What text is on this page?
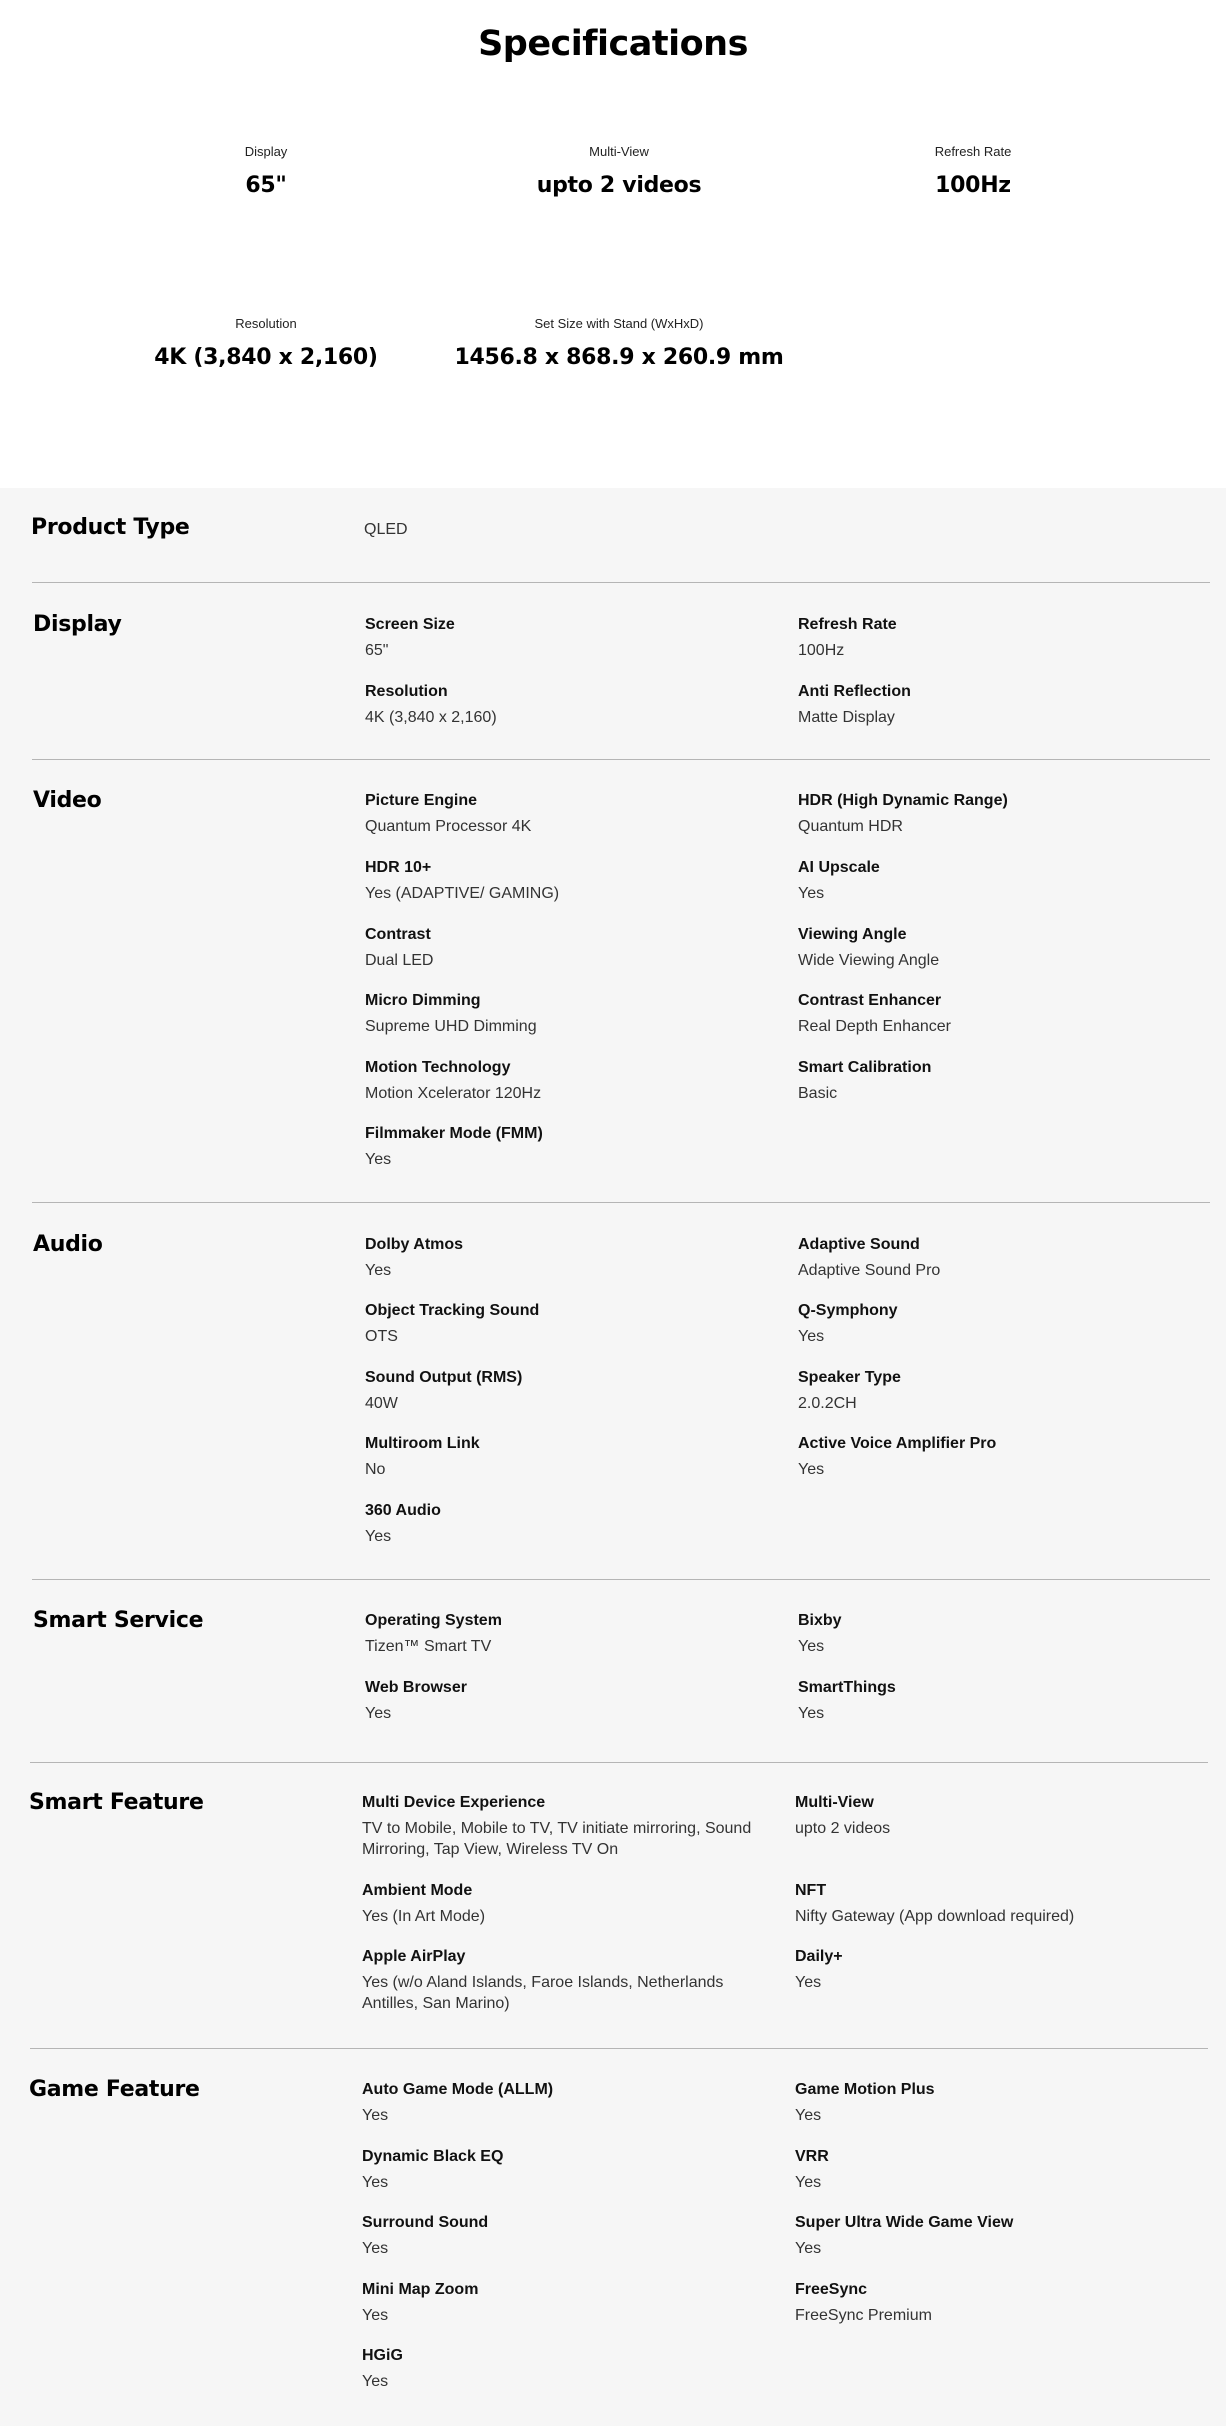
Specifications
Display
65"
Multi-View
upto 2 videos
Refresh Rate
100Hz
Resolution
4K (3,840 x 2,160)
Set Size with Stand (WxHxD)
1456.8 x 868.9 x 260.9 mm
Product Type	QLED
Display	Screen Size
65"
Refresh Rate
100Hz
Resolution
4K (3,840 x 2,160)
Anti Reflection
Matte Display
Video	Picture Engine
Quantum Processor 4K
HDR (High Dynamic Range)
Quantum HDR
HDR 10+
Yes (ADAPTIVE/ GAMING)
AI Upscale
Yes
Contrast
Dual LED
Viewing Angle
Wide Viewing Angle
Micro Dimming
Supreme UHD Dimming
Contrast Enhancer
Real Depth Enhancer
Motion Technology
Motion Xcelerator 120Hz
Smart Calibration
Basic
Filmmaker Mode (FMM)
Yes
Audio	Dolby Atmos
Yes
Adaptive Sound
Adaptive Sound Pro
Object Tracking Sound
OTS
Q-Symphony
Yes
Sound Output (RMS)
40W
Speaker Type
2.0.2CH
Multiroom Link
No
Active Voice Amplifier Pro
Yes
360 Audio
Yes
Smart Service	Operating System
Tizen™ Smart TV
Bixby
Yes
Web Browser
Yes
SmartThings
Yes
Smart Feature	Multi Device Experience
TV to Mobile, Mobile to TV, TV initiate mirroring, Sound Mirroring, Tap View, Wireless TV On
Multi-View
upto 2 videos
Ambient Mode
Yes (In Art Mode)
NFT
Nifty Gateway (App download required)
Apple AirPlay
Yes (w/o Aland Islands, Faroe Islands, Netherlands Antilles, San Marino)
Daily+
Yes
Game Feature	Auto Game Mode (ALLM)
Yes
Game Motion Plus
Yes
Dynamic Black EQ
Yes
VRR
Yes
Surround Sound
Yes
Super Ultra Wide Game View
Yes
Mini Map Zoom
Yes
FreeSync
FreeSync Premium
HGiG
Yes
